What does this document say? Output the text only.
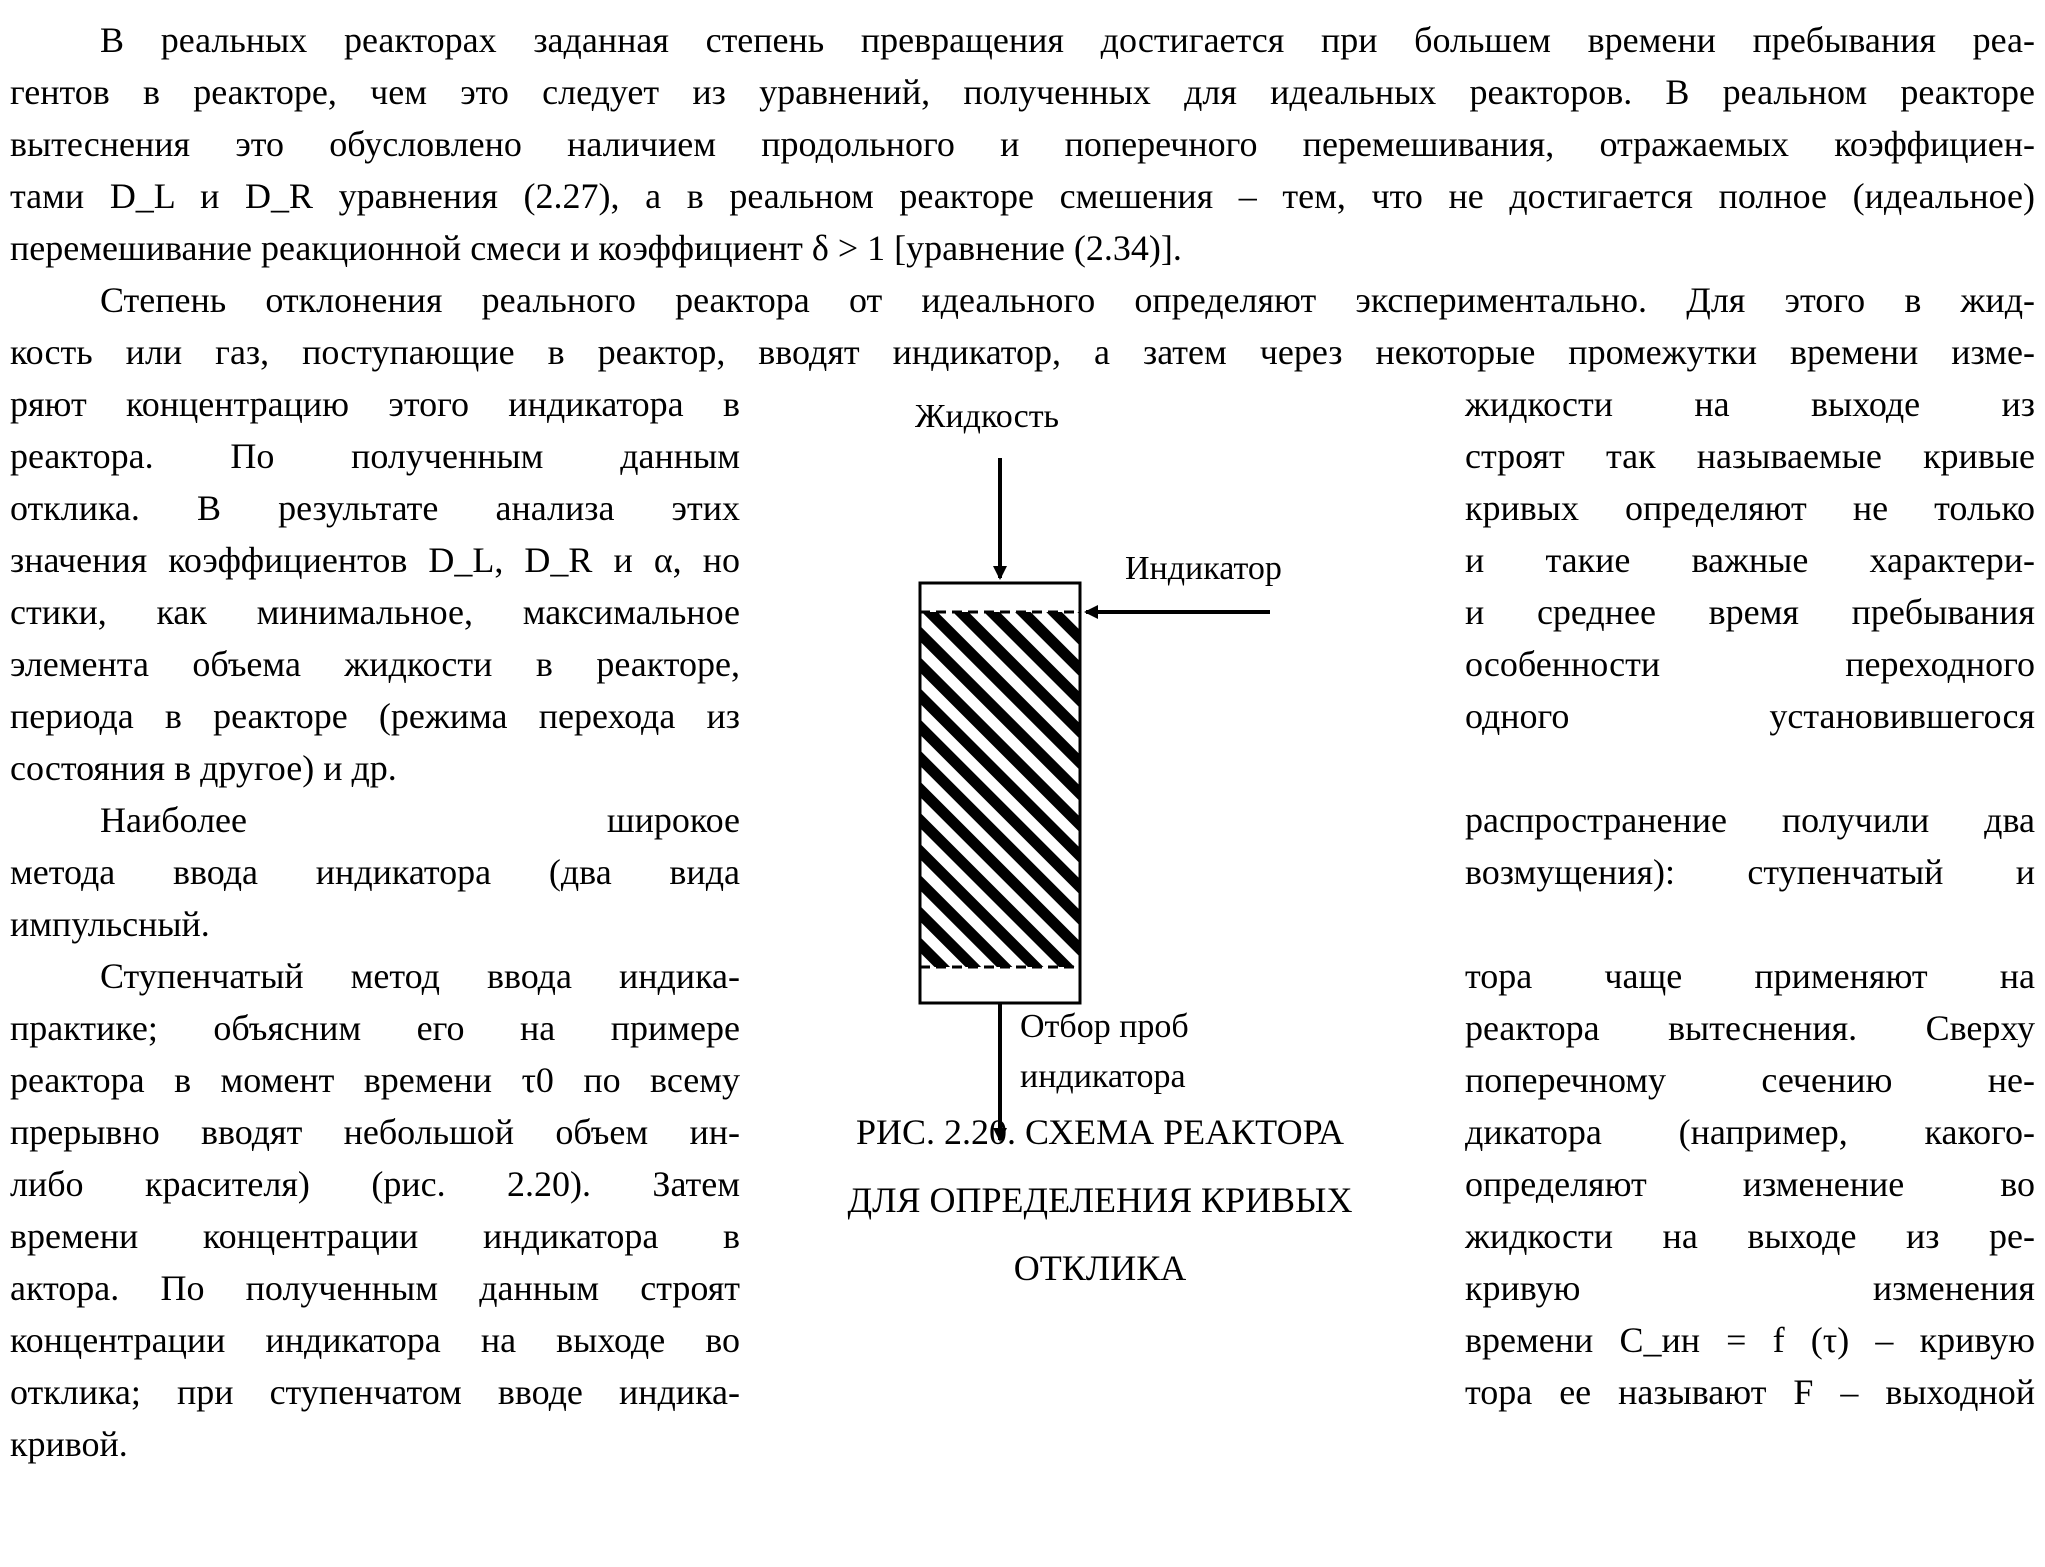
В реальных реакторах заданная степень превращения достигается при большем времени пребывания реа-
гентов в реакторе, чем это следует из уравнений, полученных для идеальных реакторов. В реальном реакторе
вытеснения это обусловлено наличием продольного и поперечного перемешивания, отражаемых коэффициен-
тами D_L и D_R уравнения (2.27), а в реальном реакторе смешения – тем, что не достигается полное (идеальное)
перемешивание реакционной смеси и коэффициент δ > 1 [уравнение (2.34)].

Степень отклонения реального реактора от идеального определяют экспериментально. Для этого в жид-
кость или газ, поступающие в реактор, вводят индикатор, а затем через некоторые промежутки времени изме-

ряют концентрацию этого индикатора в
реактора. По полученным данным
отклика. В результате анализа этих
значения коэффициентов D_L, D_R и α, но
стики, как минимальное, максимальное
элемента объема жидкости в реакторе,
периода в реакторе (режима перехода из
состояния в другое) и др.
Наиболее широкое
метода ввода индикатора (два вида
импульсный.
Ступенчатый метод ввода индика-
практике; объясним его на примере
реактора в момент времени τ0 по всему
прерывно вводят небольшой объем ин-
либо красителя) (рис. 2.20). Затем
времени концентрации индикатора в
актора. По полученным данным строят
концентрации индикатора на выходе во
отклика; при ступенчатом вводе индика-
кривой.
Жидкость
Индикатор
Отбор проб
индикатора
РИС. 2.20. СХЕМА РЕАКТОРА
ДЛЯ ОПРЕДЕЛЕНИЯ КРИВЫХ
ОТКЛИКА
жидкости на выходе из
строят так называемые кривые
кривых определяют не только
и такие важные характери-
и среднее время пребывания
особенности переходного
одного установившегося
распространение получили два
возмущения): ступенчатый и
тора чаще применяют на
реактора вытеснения. Сверху
поперечному сечению не-
дикатора (например, какого-
определяют изменение во
жидкости на выходе из ре-
кривую изменения
времени C_ин = f (τ) – кривую
тора ее называют F – выходной
